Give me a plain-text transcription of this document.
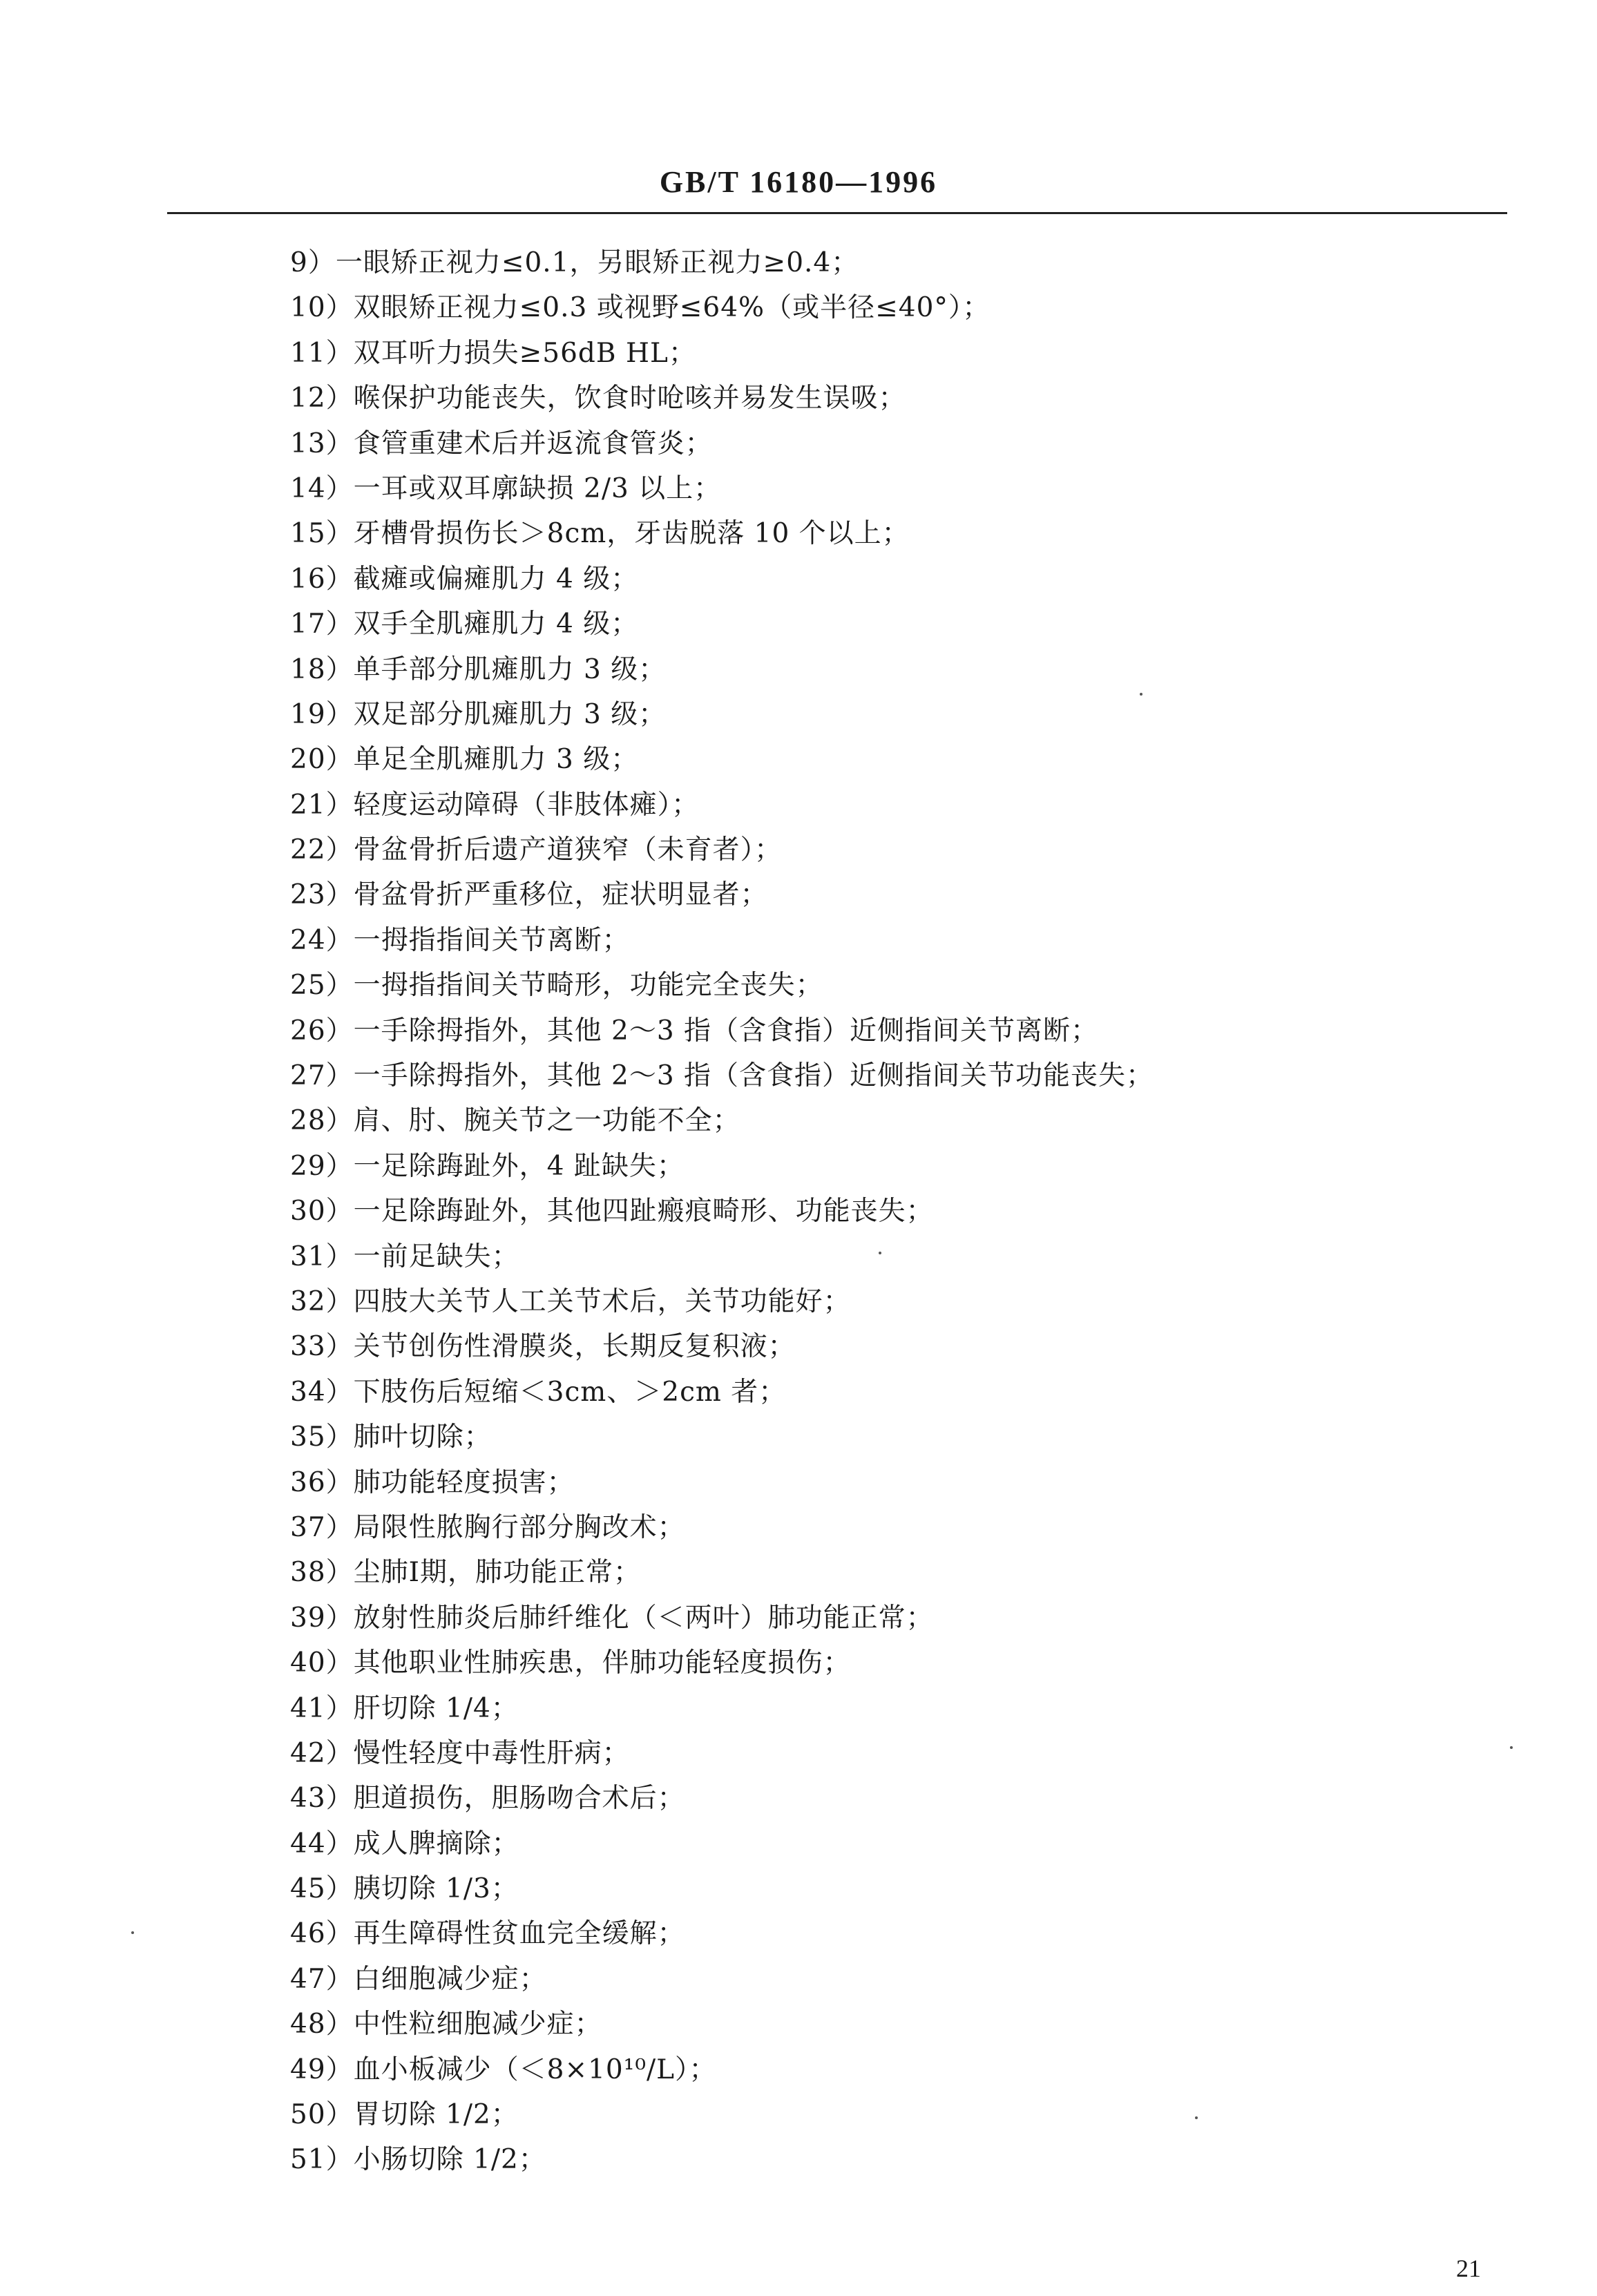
GB/T 16180—1996
9）一眼矫正视力≤0.1，另眼矫正视力≥0.4；
10）双眼矫正视力≤0.3 或视野≤64%（或半径≤40°）；
11）双耳听力损失≥56dB HL；
12）喉保护功能丧失，饮食时呛咳并易发生误吸；
13）食管重建术后并返流食管炎；
14）一耳或双耳廓缺损 2/3 以上；
15）牙槽骨损伤长＞8cm，牙齿脱落 10 个以上；
16）截瘫或偏瘫肌力 4 级；
17）双手全肌瘫肌力 4 级；
18）单手部分肌瘫肌力 3 级；
19）双足部分肌瘫肌力 3 级；
20）单足全肌瘫肌力 3 级；
21）轻度运动障碍（非肢体瘫）；
22）骨盆骨折后遗产道狭窄（未育者）；
23）骨盆骨折严重移位，症状明显者；
24）一拇指指间关节离断；
25）一拇指指间关节畸形，功能完全丧失；
26）一手除拇指外，其他 2～3 指（含食指）近侧指间关节离断；
27）一手除拇指外，其他 2～3 指（含食指）近侧指间关节功能丧失；
28）肩、肘、腕关节之一功能不全；
29）一足除踇趾外，4 趾缺失；
30）一足除踇趾外，其他四趾瘢痕畸形、功能丧失；
31）一前足缺失；
32）四肢大关节人工关节术后，关节功能好；
33）关节创伤性滑膜炎，长期反复积液；
34）下肢伤后短缩＜3cm、＞2cm 者；
35）肺叶切除；
36）肺功能轻度损害；
37）局限性脓胸行部分胸改术；
38）尘肺Ⅰ期，肺功能正常；
39）放射性肺炎后肺纤维化（＜两叶）肺功能正常；
40）其他职业性肺疾患，伴肺功能轻度损伤；
41）肝切除 1/4；
42）慢性轻度中毒性肝病；
43）胆道损伤，胆肠吻合术后；
44）成人脾摘除；
45）胰切除 1/3；
46）再生障碍性贫血完全缓解；
47）白细胞减少症；
48）中性粒细胞减少症；
49）血小板减少（＜8×10¹⁰/L）；
50）胃切除 1/2；
51）小肠切除 1/2；
21
